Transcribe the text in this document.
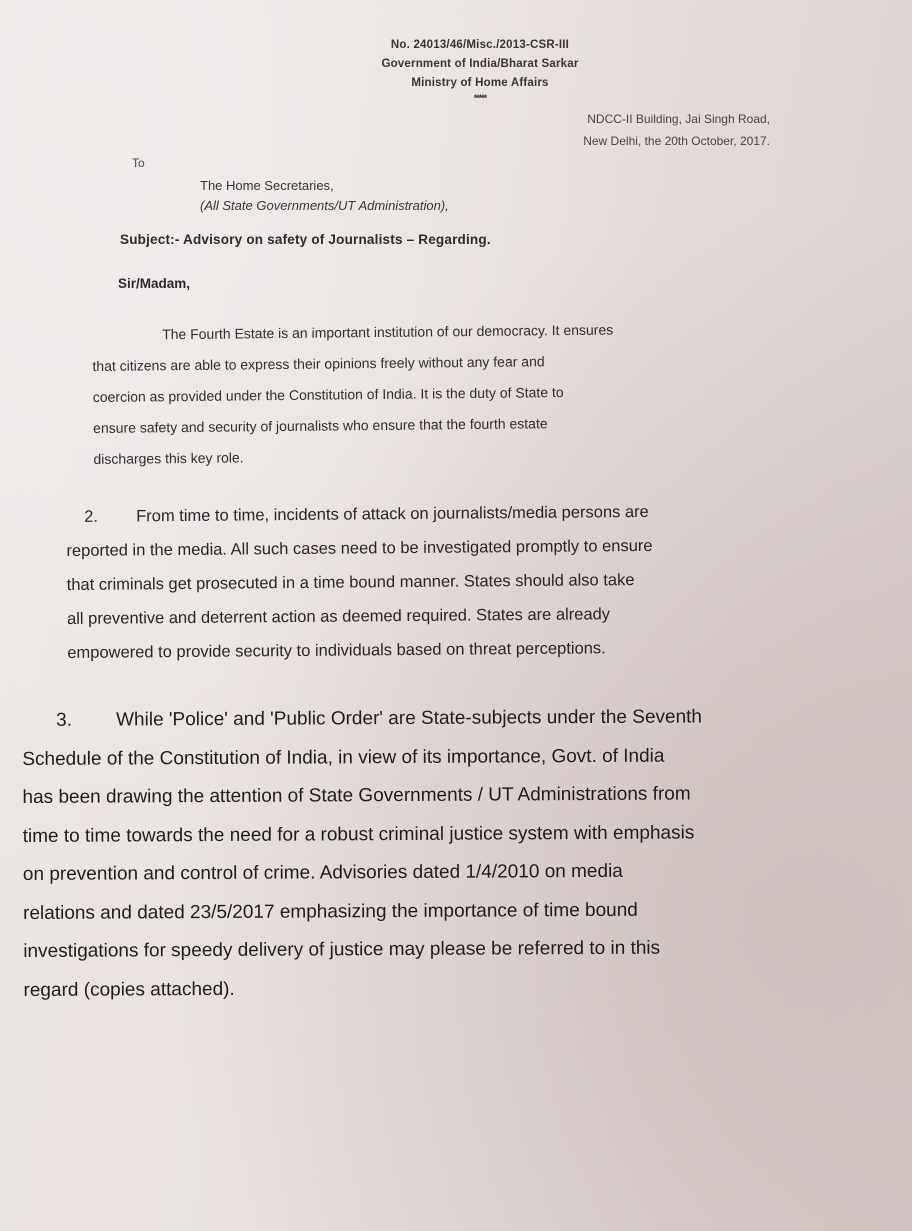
No. 24013/46/Misc./2013-CSR-III
Government of India/Bharat Sarkar
Ministry of Home Affairs
*****
NDCC-II Building, Jai Singh Road,
New Delhi, the 20th October, 2017.
To
The Home Secretaries,
(All State Governments/UT Administration),
Subject:- Advisory on safety of Journalists – Regarding.
Sir/Madam,

The Fourth Estate is an important institution of our democracy. It ensures

that citizens are able to express their opinions freely without any fear and

coercion as provided under the Constitution of India. It is the duty of State to

ensure safety and security of journalists who ensure that the fourth estate

discharges this key role.

2. From time to time, incidents of attack on journalists/media persons are

reported in the media. All such cases need to be investigated promptly to ensure

that criminals get prosecuted in a time bound manner. States should also take

all preventive and deterrent action as deemed required. States are already

empowered to provide security to individuals based on threat perceptions.

3. While 'Police' and 'Public Order' are State-subjects under the Seventh

Schedule of the Constitution of India, in view of its importance, Govt. of India

has been drawing the attention of State Governments / UT Administrations from

time to time towards the need for a robust criminal justice system with emphasis

on prevention and control of crime. Advisories dated 1/4/2010 on media

relations and dated 23/5/2017 emphasizing the importance of time bound

investigations for speedy delivery of justice may please be referred to in this

regard (copies attached).
